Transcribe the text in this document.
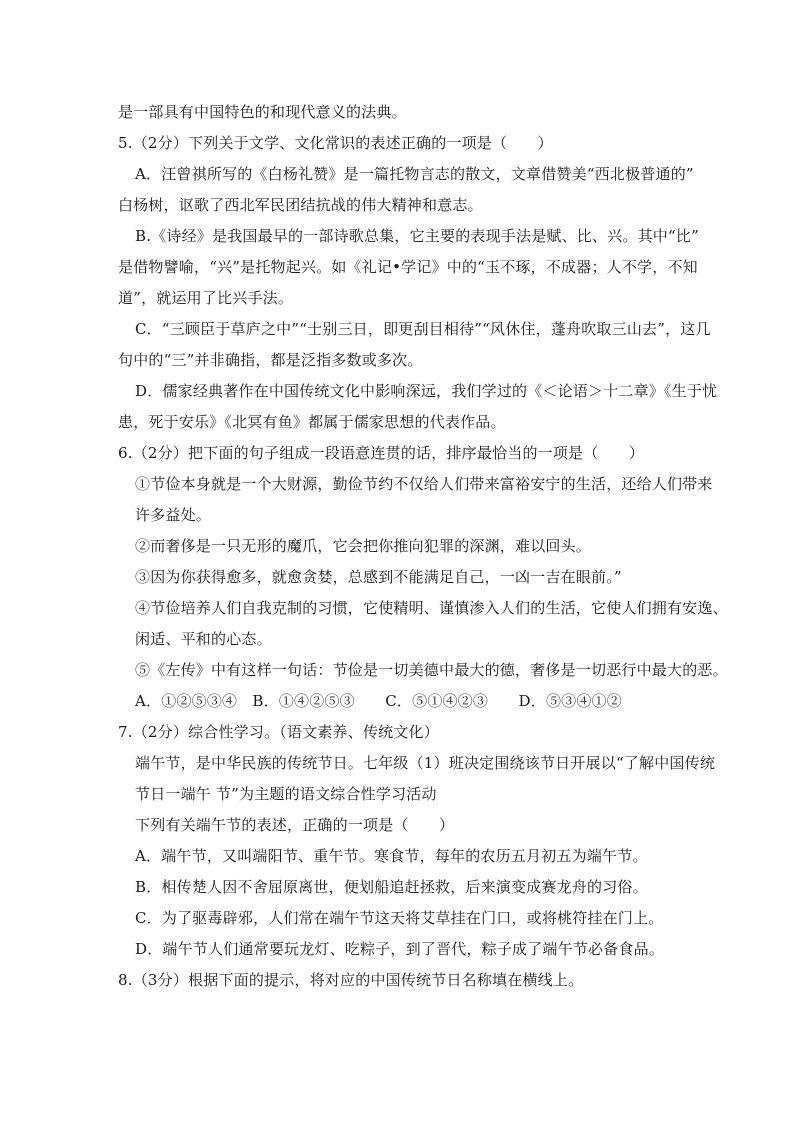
是一部具有中国特色的和现代意义的法典。
5.（2分）下列关于文学、文化常识的表述正确的一项是（　　）
A．汪曾祺所写的《白杨礼赞》是一篇托物言志的散文，文章借赞美“西北极普通的”
白杨树，讴歌了西北军民团结抗战的伟大精神和意志。
B.《诗经》是我国最早的一部诗歌总集，它主要的表现手法是赋、比、兴。其中“比”
是借物譬喻，“兴”是托物起兴。如《礼记•学记》中的“玉不琢，不成器；人不学，不知
道”，就运用了比兴手法。
C．“三顾臣于草庐之中”“士别三日，即更刮目相待”“风休住，蓬舟吹取三山去”，这几
句中的“三”并非确指，都是泛指多数或多次。
D．儒家经典著作在中国传统文化中影响深远，我们学过的《＜论语＞十二章》《生于忧
患，死于安乐》《北冥有鱼》都属于儒家思想的代表作品。
6.（2分）把下面的句子组成一段语意连贯的话，排序最恰当的一项是（　　）
①节俭本身就是一个大财源，勤俭节约不仅给人们带来富裕安宁的生活，还给人们带来
许多益处。
②而奢侈是一只无形的魔爪，它会把你推向犯罪的深渊，难以回头。
③因为你获得愈多，就愈贪婪，总感到不能满足自己，一凶一吉在眼前。”
④节俭培养人们自我克制的习惯，它使精明、谨慎渗入人们的生活，它使人们拥有安逸、
闲适、平和的心态。
⑤《左传》中有这样一句话：节俭是一切美德中最大的德，奢侈是一切恶行中最大的恶。
A．①②⑤③④　B．①④②⑤③　　C．⑤①④②③　　D．⑤③④①②
7.（2分）综合性学习。（语文素养、传统文化）
端午节，是中华民族的传统节日。七年级（1）班决定围绕该节日开展以“了解中国传统
节日一端午 节”为主题的语文综合性学习活动
下列有关端午节的表述，正确的一项是（　　）
A．端午节，又叫端阳节、重午节。寒食节，每年的农历五月初五为端午节。
B．相传楚人因不舍屈原离世，便划船追赶拯救，后来演变成赛龙舟的习俗。
C．为了驱毒辟邪，人们常在端午节这天将艾草挂在门口，或将桃符挂在门上。
D．端午节人们通常要玩龙灯、吃粽子，到了晋代，粽子成了端午节必备食品。
8.（3分）根据下面的提示，将对应的中国传统节日名称填在横线上。
